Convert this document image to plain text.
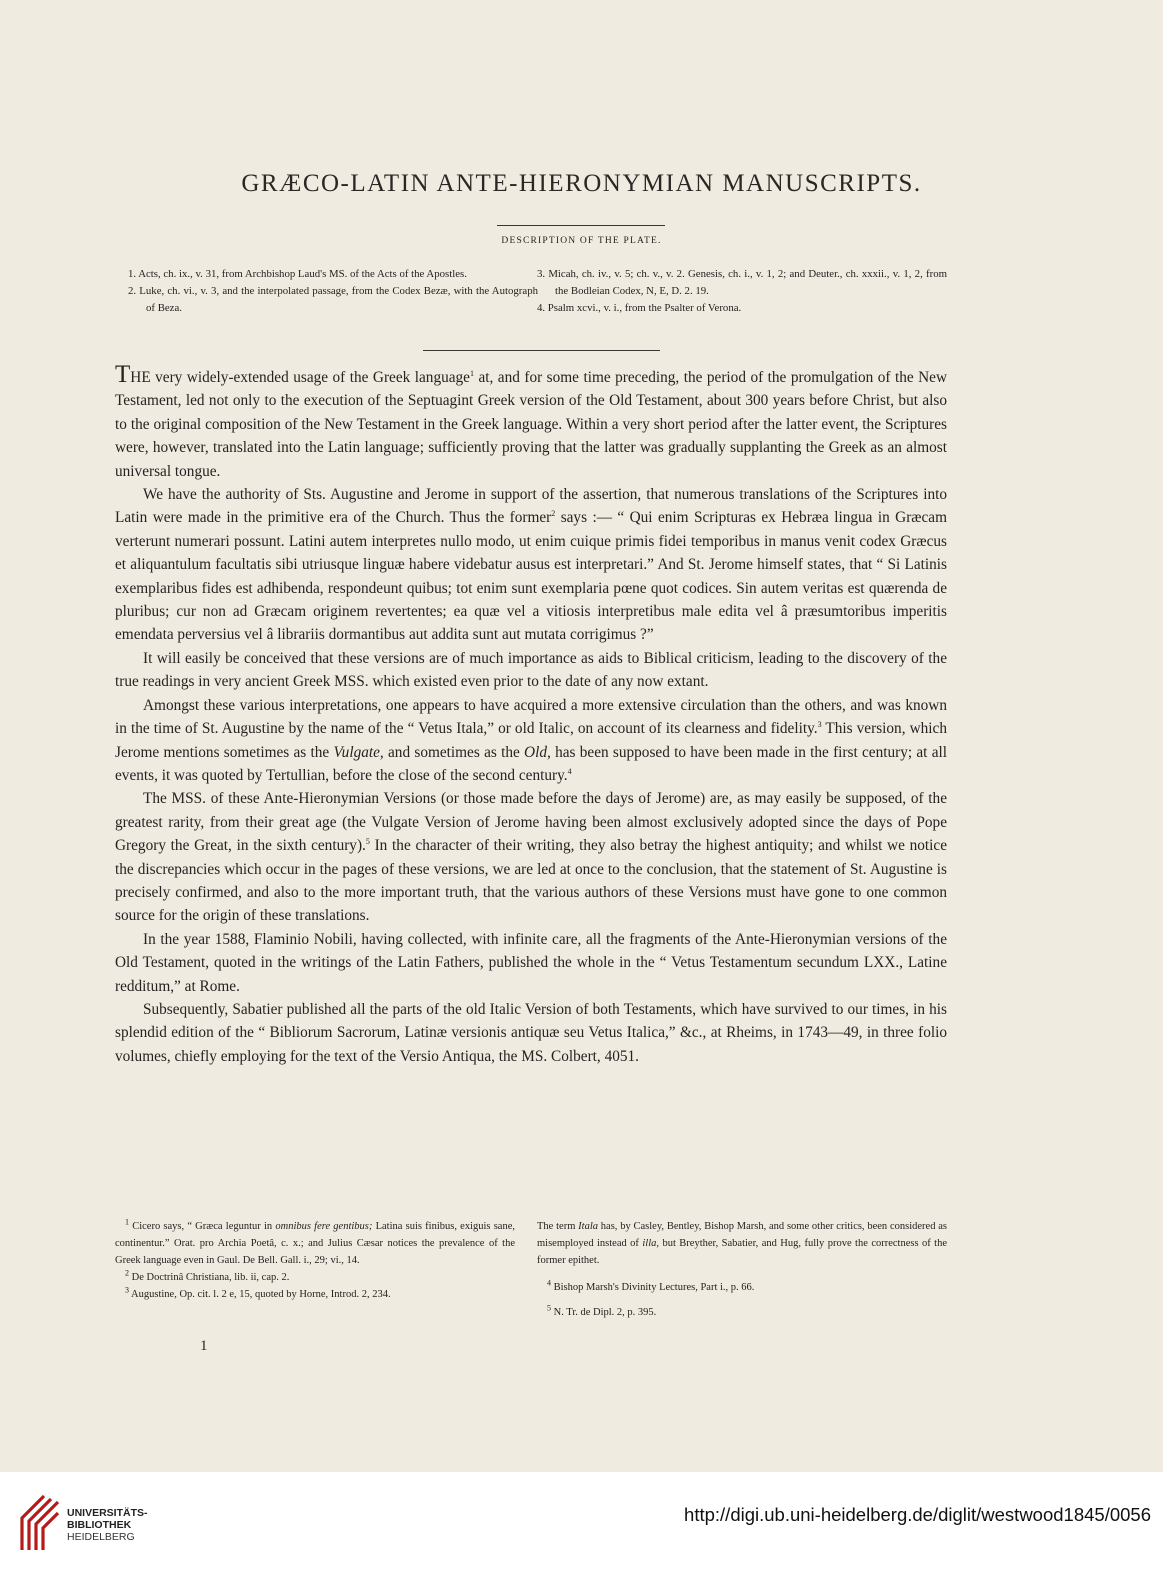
GRÆCO-LATIN ANTE-HIERONYMIAN MANUSCRIPTS.
DESCRIPTION OF THE PLATE.
1. Acts, ch. ix., v. 31, from Archbishop Laud's MS. of the Acts of the Apostles.
2. Luke, ch. vi., v. 3, and the interpolated passage, from the Codex Bezæ, with the Autograph of Beza.
3. Micah, ch. iv., v. 5; ch. v., v. 2. Genesis, ch. i., v. 1, 2; and Deuter., ch. xxxii., v. 1, 2, from the Bodleian Codex, N, E, D. 2. 19.
4. Psalm xcvi., v. i., from the Psalter of Verona.

THE very widely-extended usage of the Greek language$^1$ at, and for some time preceding, the period of the promulgation of the New Testament, led not only to the execution of the Septuagint Greek version of the Old Testament, about 300 years before Christ, but also to the original composition of the New Testament in the Greek language. Within a very short period after the latter event, the Scriptures were, however, translated into the Latin language; sufficiently proving that the latter was gradually supplanting the Greek as an almost universal tongue.

We have the authority of Sts. Augustine and Jerome in support of the assertion, that numerous translations of the Scriptures into Latin were made in the primitive era of the Church. Thus the former$^2$ says :— “ Qui enim Scripturas ex Hebræa lingua in Græcam verterunt numerari possunt. Latini autem interpretes nullo modo, ut enim cuique primis fidei temporibus in manus venit codex Græcus et aliquantulum facultatis sibi utriusque linguæ habere videbatur ausus est interpretari.” And St. Jerome himself states, that “ Si Latinis exemplaribus fides est adhibenda, respondeunt quibus; tot enim sunt exemplaria pœne quot codices. Sin autem veritas est quærenda de pluribus; cur non ad Græcam originem revertentes; ea quæ vel a vitiosis interpretibus male edita vel â præsumtoribus imperitis emendata perversius vel â librariis dormantibus aut addita sunt aut mutata corrigimus ?”

It will easily be conceived that these versions are of much importance as aids to Biblical criticism, leading to the discovery of the true readings in very ancient Greek MSS. which existed even prior to the date of any now extant.

Amongst these various interpretations, one appears to have acquired a more extensive circulation than the others, and was known in the time of St. Augustine by the name of the “ Vetus Itala,” or old Italic, on account of its clearness and fidelity.$^3$ This version, which Jerome mentions sometimes as the Vulgate, and sometimes as the Old, has been supposed to have been made in the first century; at all events, it was quoted by Tertullian, before the close of the second century.$^4$

The MSS. of these Ante-Hieronymian Versions (or those made before the days of Jerome) are, as may easily be supposed, of the greatest rarity, from their great age (the Vulgate Version of Jerome having been almost exclusively adopted since the days of Pope Gregory the Great, in the sixth century).$^5$ In the character of their writing, they also betray the highest antiquity; and whilst we notice the discrepancies which occur in the pages of these versions, we are led at once to the conclusion, that the statement of St. Augustine is precisely confirmed, and also to the more important truth, that the various authors of these Versions must have gone to one common source for the origin of these translations.

In the year 1588, Flaminio Nobili, having collected, with infinite care, all the fragments of the Ante-Hieronymian versions of the Old Testament, quoted in the writings of the Latin Fathers, published the whole in the “ Vetus Testamentum secundum LXX., Latine redditum,” at Rome.

Subsequently, Sabatier published all the parts of the old Italic Version of both Testaments, which have survived to our times, in his splendid edition of the “ Bibliorum Sacrorum, Latinæ versionis antiquæ seu Vetus Italica,” &c., at Rheims, in 1743—49, in three folio volumes, chiefly employing for the text of the Versio Antiqua, the MS. Colbert, 4051.

$^1$ Cicero says, “ Græca leguntur in omnibus fere gentibus; Latina suis finibus, exiguis sane, continentur.” Orat. pro Archia Poetâ, c. x.; and Julius Cæsar notices the prevalence of the Greek language even in Gaul. De Bell. Gall. i., 29; vi., 14.
$^2$ De Doctrinâ Christiana, lib. ii, cap. 2.
$^3$ Augustine, Op. cit. l. 2 e, 15, quoted by Horne, Introd. 2, 234.
The term Itala has, by Casley, Bentley, Bishop Marsh, and some other critics, been considered as misemployed instead of illa, but Breyther, Sabatier, and Hug, fully prove the correctness of the former epithet.
$^4$ Bishop Marsh's Divinity Lectures, Part i., p. 66.
$^5$ N. Tr. de Dipl. 2, p. 395.
1
UNIVERSITÄTS-
BIBLIOTHEK
HEIDELBERG
http://digi.ub.uni-heidelberg.de/diglit/westwood1845/0056
